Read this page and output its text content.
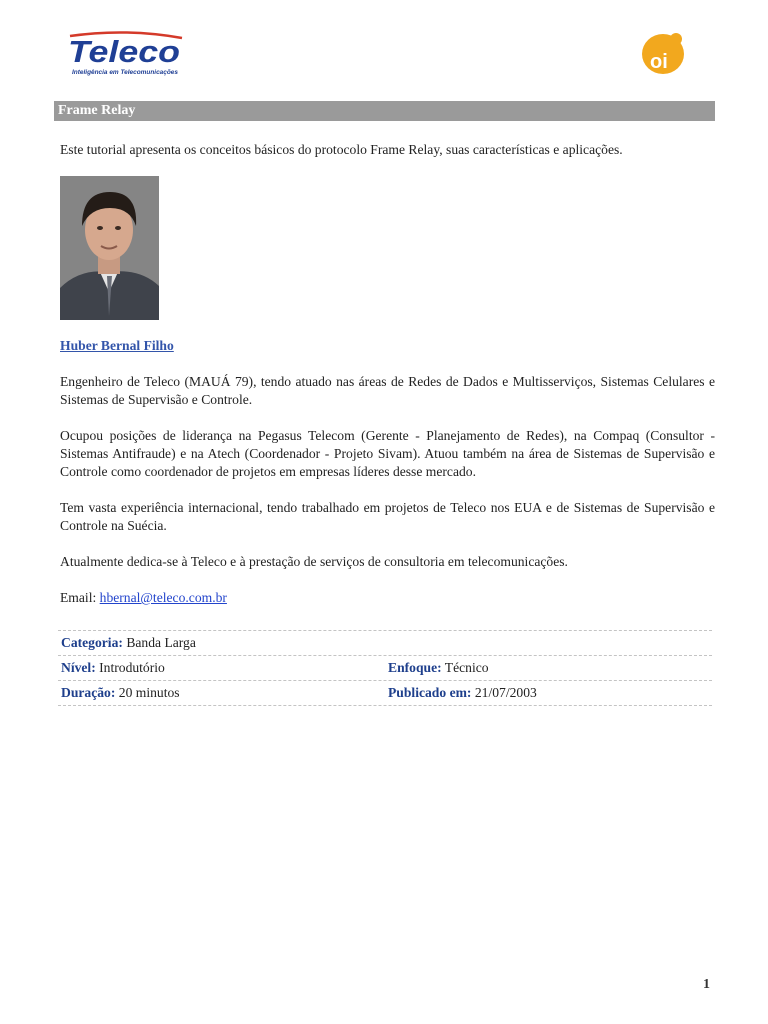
Teleco
Inteligência em Telecomunicações	oi
Frame Relay
Este tutorial apresenta os conceitos básicos do protocolo Frame Relay, suas características e aplicações.
Huber Bernal Filho

Engenheiro de Teleco (MAUÁ 79), tendo atuado nas áreas de Redes de Dados e Multisserviços, Sistemas Celulares e Sistemas de Supervisão e Controle.

Ocupou posições de liderança na Pegasus Telecom (Gerente - Planejamento de Redes), na Compaq (Consultor - Sistemas Antifraude) e na Atech (Coordenador - Projeto Sivam). Atuou também na área de Sistemas de Supervisão e Controle como coordenador de projetos em empresas líderes desse mercado.

Tem vasta experiência internacional, tendo trabalhado em projetos de Teleco nos EUA e de Sistemas de Supervisão e Controle na Suécia.

Atualmente dedica-se à Teleco e à prestação de serviços de consultoria em telecomunicações.

Email: hbernal@teleco.com.br

Categoria: Banda Larga
Nível: Introdutório	Enfoque: Técnico
Duração: 20 minutos	Publicado em: 21/07/2003
1
